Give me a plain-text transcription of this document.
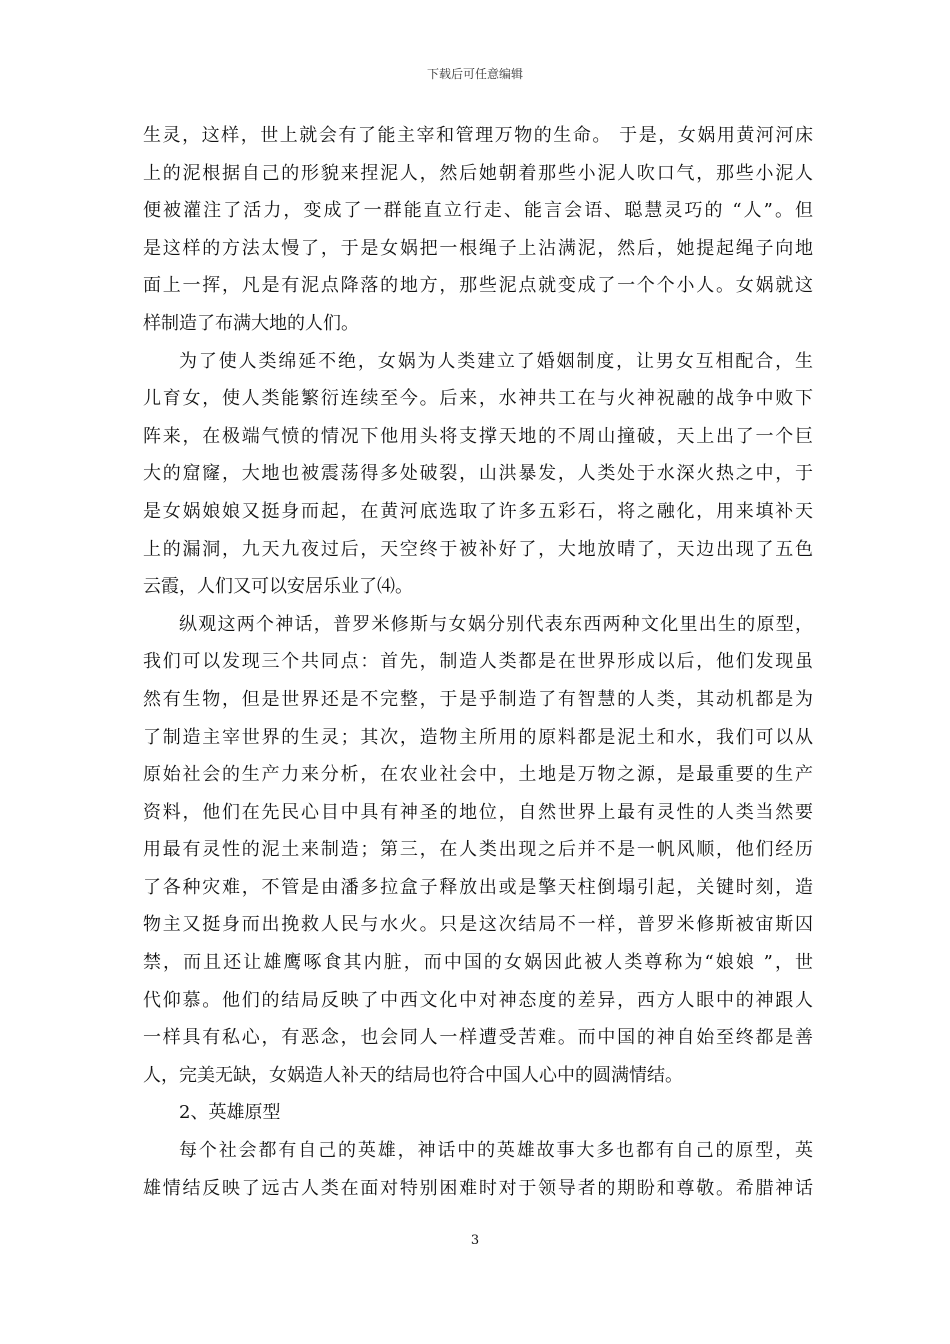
下载后可任意编辑
生灵，这样，世上就会有了能主宰和管理万物的生命。 于是，女娲用黄河河床
上的泥根据自己的形貌来捏泥人，然后她朝着那些小泥人吹口气，那些小泥人
便被灌注了活力，变成了一群能直立行走、能言会语、聪慧灵巧的 “人”。但
是这样的方法太慢了，于是女娲把一根绳子上沾满泥，然后，她提起绳子向地
面上一挥，凡是有泥点降落的地方，那些泥点就变成了一个个小人。女娲就这
样制造了布满大地的人们。
为了使人类绵延不绝，女娲为人类建立了婚姻制度，让男女互相配合，生
儿育女，使人类能繁衍连续至今。后来，水神共工在与火神祝融的战争中败下
阵来，在极端气愤的情况下他用头将支撑天地的不周山撞破，天上出了一个巨
大的窟窿，大地也被震荡得多处破裂，山洪暴发，人类处于水深火热之中，于
是女娲娘娘又挺身而起，在黄河底选取了许多五彩石，将之融化，用来填补天
上的漏洞，九天九夜过后，天空终于被补好了，大地放晴了，天边出现了五色
云霞，人们又可以安居乐业了⑷。
纵观这两个神话，普罗米修斯与女娲分别代表东西两种文化里出生的原型，
我们可以发现三个共同点：首先，制造人类都是在世界形成以后，他们发现虽
然有生物，但是世界还是不完整，于是乎制造了有智慧的人类，其动机都是为
了制造主宰世界的生灵；其次，造物主所用的原料都是泥土和水，我们可以从
原始社会的生产力来分析，在农业社会中，土地是万物之源，是最重要的生产
资料，他们在先民心目中具有神圣的地位，自然世界上最有灵性的人类当然要
用最有灵性的泥土来制造；第三，在人类出现之后并不是一帆风顺，他们经历
了各种灾难，不管是由潘多拉盒子释放出或是擎天柱倒塌引起，关键时刻，造
物主又挺身而出挽救人民与水火。只是这次结局不一样，普罗米修斯被宙斯囚
禁，而且还让雄鹰啄食其内脏，而中国的女娲因此被人类尊称为“娘娘 ”，世
代仰慕。他们的结局反映了中西文化中对神态度的差异，西方人眼中的神跟人
一样具有私心，有恶念，也会同人一样遭受苦难。而中国的神自始至终都是善
人，完美无缺，女娲造人补天的结局也符合中国人心中的圆满情结。
2、英雄原型
每个社会都有自己的英雄，神话中的英雄故事大多也都有自己的原型，英
雄情结反映了远古人类在面对特别困难时对于领导者的期盼和尊敬。希腊神话
3
